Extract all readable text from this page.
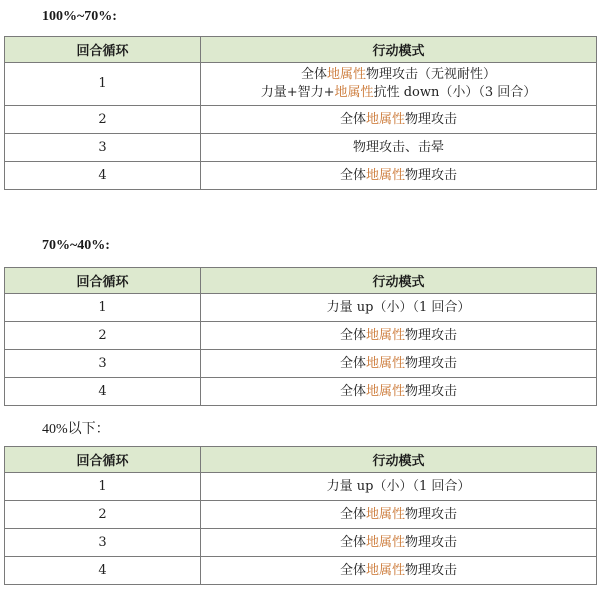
100%~70%:
回合循环	行动模式
1	全体地属性物理攻击（无视耐性）
力量+智力+地属性抗性 down（小）（3 回合）

2	全体地属性物理攻击

3	物理攻击、击晕

4	全体地属性物理攻击
70%~40%:
回合循环	行动模式
1	力量 up（小）（1 回合）

2	全体地属性物理攻击

3	全体地属性物理攻击

4	全体地属性物理攻击
40%以下：
回合循环	行动模式
1	力量 up（小）（1 回合）

2	全体地属性物理攻击

3	全体地属性物理攻击

4	全体地属性物理攻击
